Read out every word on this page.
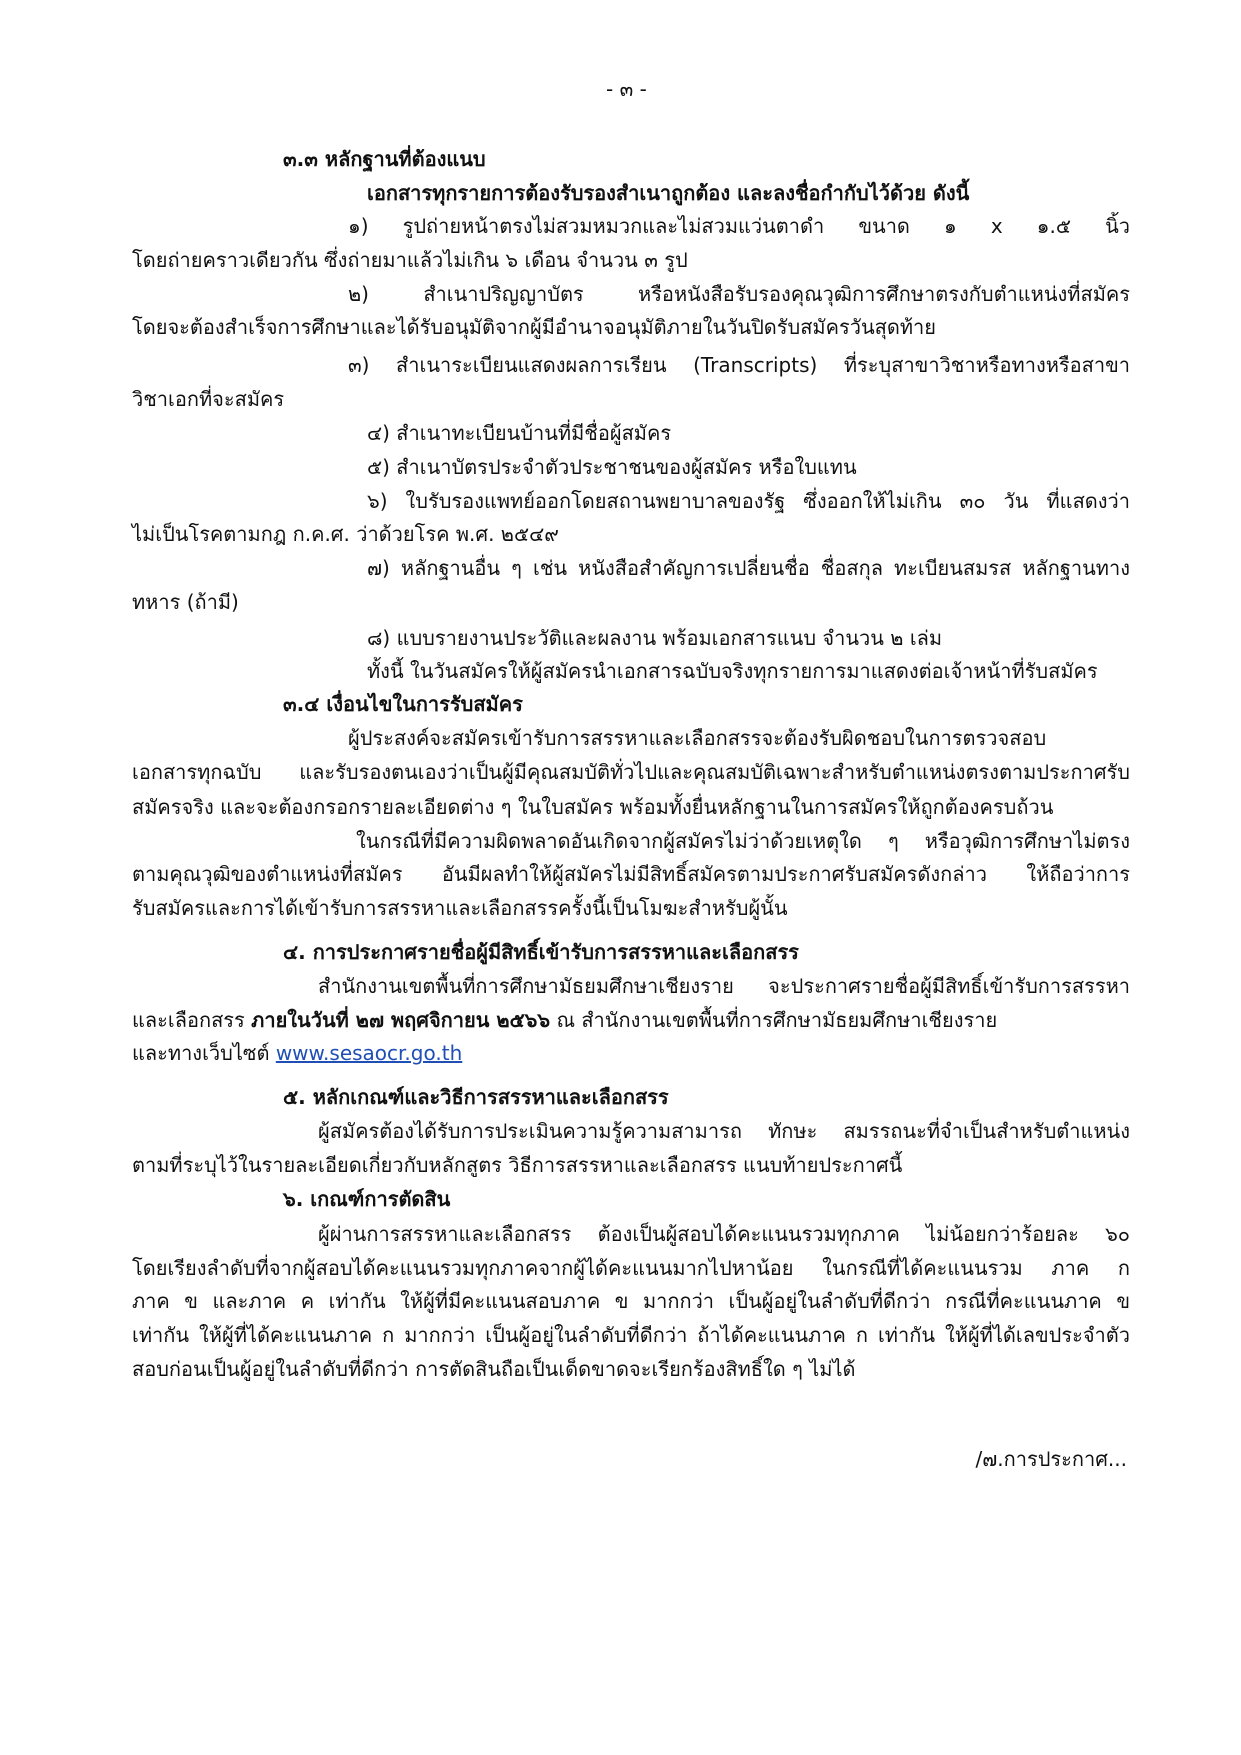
- ๓ -
๓.๓ หลักฐานที่ต้องแนบ
เอกสารทุกรายการต้องรับรองสำเนาถูกต้อง และลงชื่อกำกับไว้ด้วย ดังนี้
๑) รูปถ่ายหน้าตรงไม่สวมหมวกและไม่สวมแว่นตาดำ ขนาด ๑ x ๑.๕ นิ้ว
โดยถ่ายคราวเดียวกัน ซึ่งถ่ายมาแล้วไม่เกิน ๖ เดือน จำนวน ๓ รูป
๒) สำเนาปริญญาบัตร หรือหนังสือรับรองคุณวุฒิการศึกษาตรงกับตำแหน่งที่สมัคร
โดยจะต้องสำเร็จการศึกษาและได้รับอนุมัติจากผู้มีอำนาจอนุมัติภายในวันปิดรับสมัครวันสุดท้าย
๓) สำเนาระเบียนแสดงผลการเรียน (Transcripts) ที่ระบุสาขาวิชาหรือทางหรือสาขา
วิชาเอกที่จะสมัคร
๔) สำเนาทะเบียนบ้านที่มีชื่อผู้สมัคร
๕) สำเนาบัตรประจำตัวประชาชนของผู้สมัคร หรือใบแทน
๖) ใบรับรองแพทย์ออกโดยสถานพยาบาลของรัฐ ซึ่งออกให้ไม่เกิน ๓๐ วัน ที่แสดงว่า
ไม่เป็นโรคตามกฎ ก.ค.ศ. ว่าด้วยโรค พ.ศ. ๒๕๔๙
๗) หลักฐานอื่น ๆ เช่น หนังสือสำคัญการเปลี่ยนชื่อ ชื่อสกุล ทะเบียนสมรส หลักฐานทาง
ทหาร (ถ้ามี)
๘) แบบรายงานประวัติและผลงาน พร้อมเอกสารแนบ จำนวน ๒ เล่ม
ทั้งนี้ ในวันสมัครให้ผู้สมัครนำเอกสารฉบับจริงทุกรายการมาแสดงต่อเจ้าหน้าที่รับสมัคร
๓.๔ เงื่อนไขในการรับสมัคร
ผู้ประสงค์จะสมัครเข้ารับการสรรหาและเลือกสรรจะต้องรับผิดชอบในการตรวจสอบ
เอกสารทุกฉบับ และรับรองตนเองว่าเป็นผู้มีคุณสมบัติทั่วไปและคุณสมบัติเฉพาะสำหรับตำแหน่งตรงตามประกาศรับ
สมัครจริง และจะต้องกรอกรายละเอียดต่าง ๆ ในใบสมัคร พร้อมทั้งยื่นหลักฐานในการสมัครให้ถูกต้องครบถ้วน
ในกรณีที่มีความผิดพลาดอันเกิดจากผู้สมัครไม่ว่าด้วยเหตุใด ๆ หรือวุฒิการศึกษาไม่ตรง
ตามคุณวุฒิของตำแหน่งที่สมัคร อันมีผลทำให้ผู้สมัครไม่มีสิทธิ์สมัครตามประกาศรับสมัครดังกล่าว ให้ถือว่าการ
รับสมัครและการได้เข้ารับการสรรหาและเลือกสรรครั้งนี้เป็นโมฆะสำหรับผู้นั้น
๔. การประกาศรายชื่อผู้มีสิทธิ์เข้ารับการสรรหาและเลือกสรร
สำนักงานเขตพื้นที่การศึกษามัธยมศึกษาเชียงราย จะประกาศรายชื่อผู้มีสิทธิ์เข้ารับการสรรหา
และเลือกสรร ภายในวันที่ ๒๗ พฤศจิกายน ๒๕๖๖ ณ สำนักงานเขตพื้นที่การศึกษามัธยมศึกษาเชียงราย
และทางเว็บไซต์ www.sesaocr.go.th
๕. หลักเกณฑ์และวิธีการสรรหาและเลือกสรร
ผู้สมัครต้องได้รับการประเมินความรู้ความสามารถ ทักษะ สมรรถนะที่จำเป็นสำหรับตำแหน่ง
ตามที่ระบุไว้ในรายละเอียดเกี่ยวกับหลักสูตร วิธีการสรรหาและเลือกสรร แนบท้ายประกาศนี้
๖. เกณฑ์การตัดสิน
ผู้ผ่านการสรรหาและเลือกสรร ต้องเป็นผู้สอบได้คะแนนรวมทุกภาค ไม่น้อยกว่าร้อยละ ๖๐
โดยเรียงลำดับที่จากผู้สอบได้คะแนนรวมทุกภาคจากผู้ได้คะแนนมากไปหาน้อย ในกรณีที่ได้คะแนนรวม ภาค ก
ภาค ข และภาค ค เท่ากัน ให้ผู้ที่มีคะแนนสอบภาค ข มากกว่า เป็นผู้อยู่ในลำดับที่ดีกว่า กรณีที่คะแนนภาค ข
เท่ากัน ให้ผู้ที่ได้คะแนนภาค ก มากกว่า เป็นผู้อยู่ในลำดับที่ดีกว่า ถ้าได้คะแนนภาค ก เท่ากัน ให้ผู้ที่ได้เลขประจำตัว
สอบก่อนเป็นผู้อยู่ในลำดับที่ดีกว่า การตัดสินถือเป็นเด็ดขาดจะเรียกร้องสิทธิ์ใด ๆ ไม่ได้
/๗.การประกาศ...
